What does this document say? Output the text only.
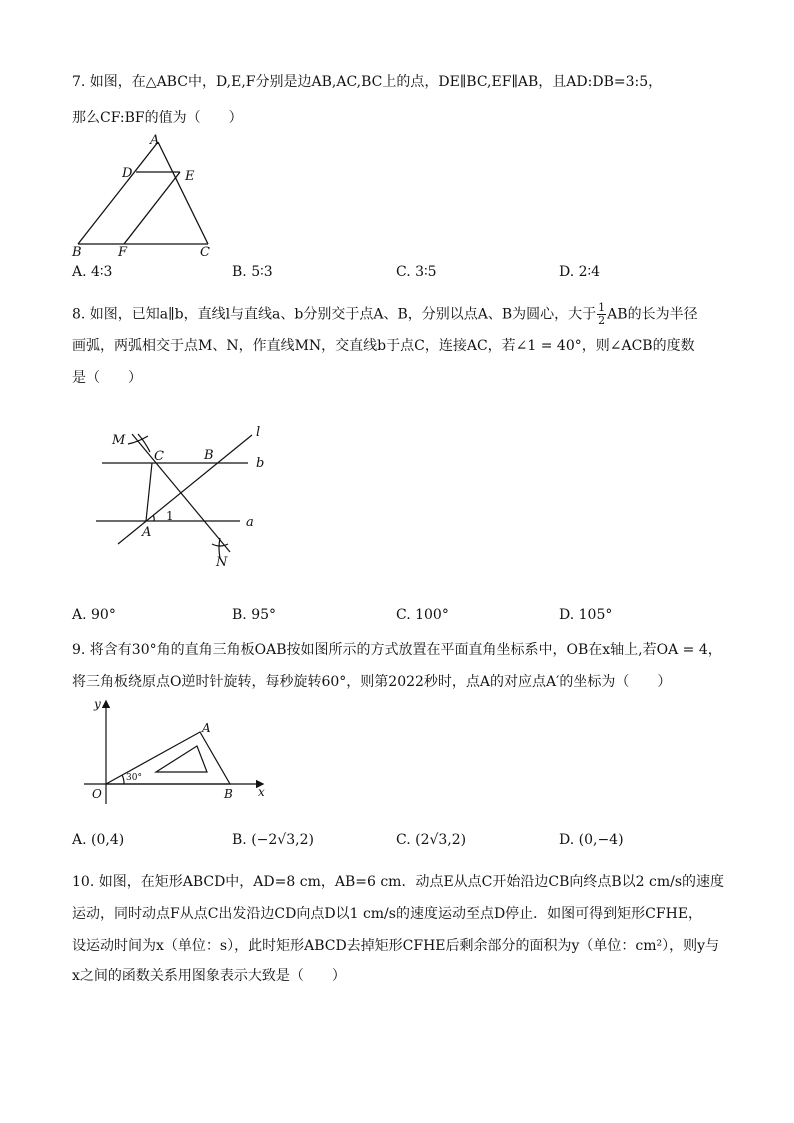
7. 如图，在△ABC中，D,E,F分别是边AB,AC,BC上的点，DE∥BC,EF∥AB，且AD:DB=3:5，
那么CF:BF的值为（　　）
A
D	E
B	F	C
A. 4∶3	B. 5∶3	C. 3∶5	D. 2∶4
8. 如图，已知a∥b，直线l与直线a、b分别交于点A、B，分别以点A、B为圆心，大于 $\frac{1}{2}$ AB的长为半径
画弧，两弧相交于点M、N，作直线MN，交直线b于点C，连接AC，若∠1 = 40°，则∠ACB的度数
是（　　）
M
C	B
l
b
A
a
N
1
A. 90°	B. 95°	C. 100°	D. 105°
9. 将含有30°角的直角三角板OAB按如图所示的方式放置在平面直角坐标系中，OB在x轴上,若OA = 4，
将三角板绕原点O逆时针旋转，每秒旋转60°，则第2022秒时，点A的对应点A′的坐标为（　　）
y
A
O	B x
30°
A. (0,4)	B. (−2√3,2)	C. (2√3,2)	D. (0,−4)
10. 如图，在矩形ABCD中，AD=8 cm，AB=6 cm．动点E从点C开始沿边CB向终点B以2 cm/s的速度
运动，同时动点F从点C出发沿边CD向点D以1 cm/s的速度运动至点D停止．如图可得到矩形CFHE，
设运动时间为x（单位：s），此时矩形ABCD去掉矩形CFHE后剩余部分的面积为y（单位：cm²），则y与
x之间的函数关系用图象表示大致是（　　）
